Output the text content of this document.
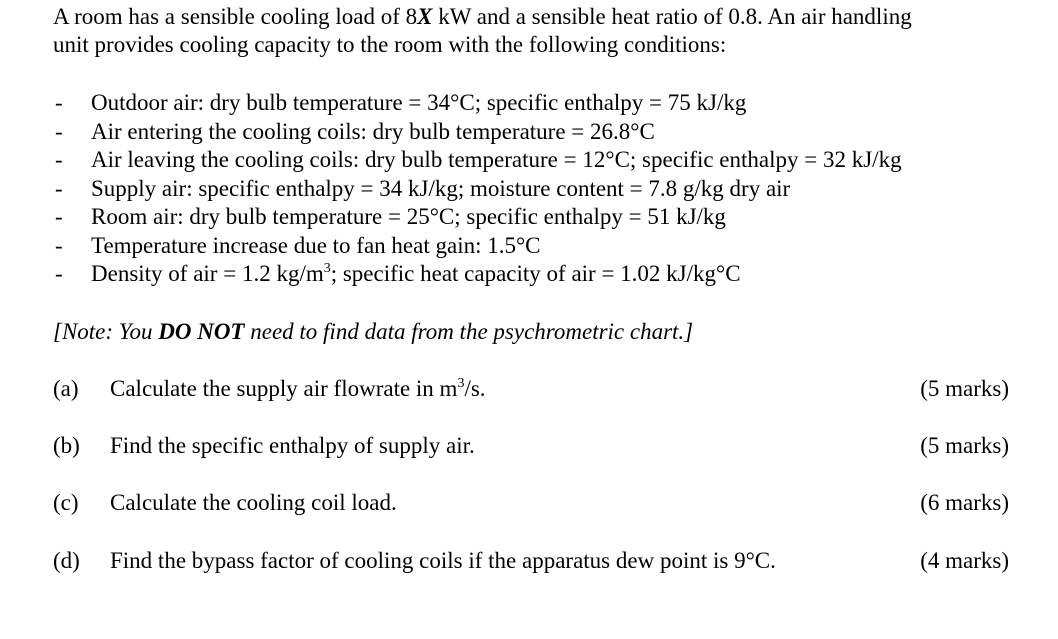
A room has a sensible cooling load of 8X kW and a sensible heat ratio of 0.8. An air handling
unit provides cooling capacity to the room with the following conditions:
- Outdoor air: dry bulb temperature = 34°C; specific enthalpy = 75 kJ/kg
- Air entering the cooling coils: dry bulb temperature = 26.8°C
- Air leaving the cooling coils: dry bulb temperature = 12°C; specific enthalpy = 32 kJ/kg
- Supply air: specific enthalpy = 34 kJ/kg; moisture content = 7.8 g/kg dry air
- Room air: dry bulb temperature = 25°C; specific enthalpy = 51 kJ/kg
- Temperature increase due to fan heat gain: 1.5°C
- Density of air = 1.2 $kg/m^3$; specific heat capacity of air = 1.02 kJ/kg°C
[Note: You DO NOT need to find data from the psychrometric chart.]
(a) Calculate the supply air flowrate in $m^3/s$.	(5 marks)
(b) Find the specific enthalpy of supply air.	(5 marks)
(c) Calculate the cooling coil load.	(6 marks)
(d) Find the bypass factor of cooling coils if the apparatus dew point is 9°C.	(4 marks)
